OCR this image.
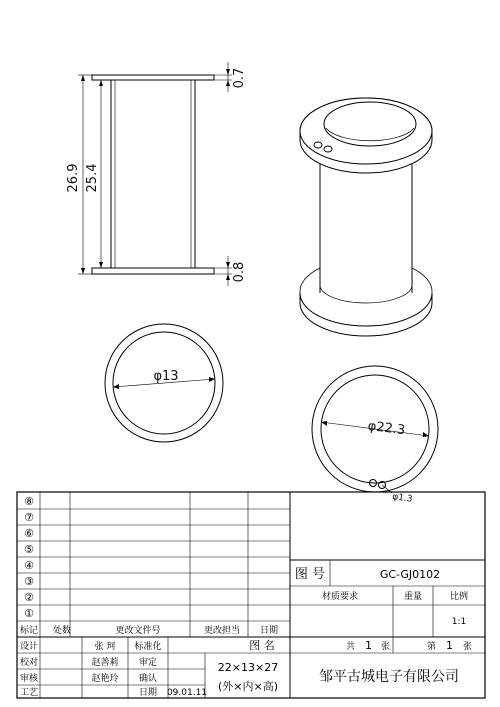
26.9 25.4
0.7
0.8
φ13
φ22.3
φ1.3
⑧
⑦
⑥
⑤
④
③
②
①
标记 处数	更改文件号	更改担当 日期
设计	张 珂 标准化
校对	赵善莉 审定
审核	赵艳玲 确认
工艺	日期 09.01.11
图 名
22×13×27
(外×内×高)
图 号	GC-GJ0102
材质要求	重量	比例
1:1
共 1 张	第 1 张
邹平古城电子有限公司
